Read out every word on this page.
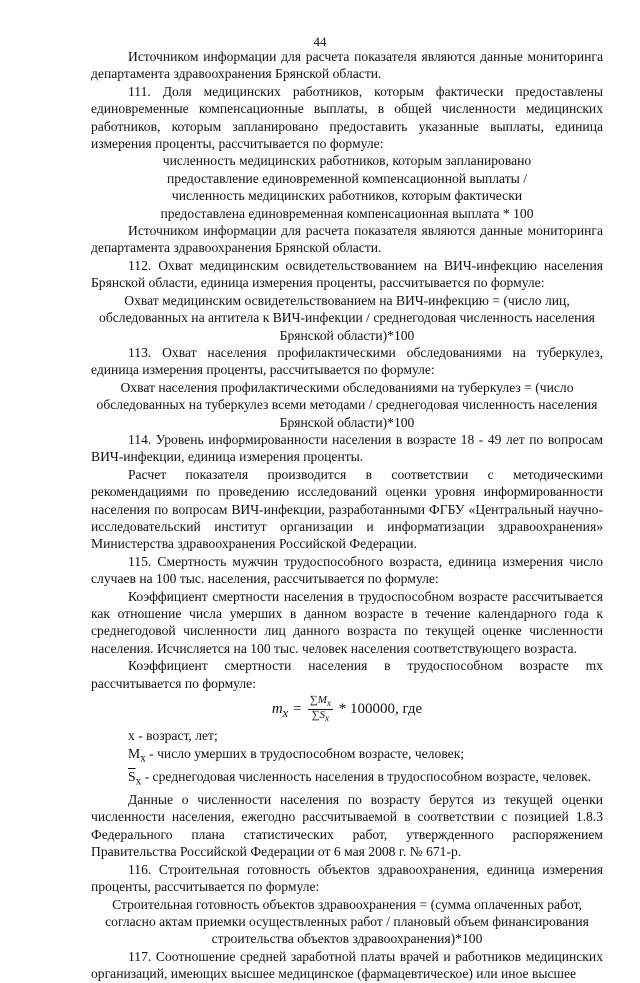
44

Источником информации для расчета показателя являются данные мониторинга департамента здравоохранения Брянской области.

111. Доля медицинских работников, которым фактически предоставлены единовременные компенсационные выплаты, в общей численности медицинских работников, которым запланировано предоставить указанные выплаты, единица измерения проценты, рассчитывается по формуле:

численность медицинских работников, которым запланировано

предоставление единовременной компенсационной выплаты /

численность медицинских работников, которым фактически

предоставлена единовременная компенсационная выплата * 100

Источником информации для расчета показателя являются данные мониторинга департамента здравоохранения Брянской области.

112. Охват медицинским освидетельствованием на ВИЧ-инфекцию населения Брянской области, единица измерения проценты, рассчитывается по формуле:

Охват медицинским освидетельствованием на ВИЧ-инфекцию = (число лиц,

обследованных на антитела к ВИЧ-инфекции / среднегодовая численность населения

Брянской области)*100

113. Охват населения профилактическими обследованиями на туберкулез, единица измерения проценты, рассчитывается по формуле:

Охват населения профилактическими обследованиями на туберкулез = (число

обследованных на туберкулез всеми методами / среднегодовая численность населения

Брянской области)*100

114. Уровень информированности населения в возрасте 18 - 49 лет по вопросам ВИЧ-инфекции, единица измерения проценты.

Расчет показателя производится в соответствии с методическими рекомендациями по проведению исследований оценки уровня информированности населения по вопросам ВИЧ-инфекции, разработанными ФГБУ «Центральный научно-исследовательский институт организации и информатизации здравоохранения» Министерства здравоохранения Российской Федерации.

115. Смертность мужчин трудоспособного возраста, единица измерения число случаев на 100 тыс. населения, рассчитывается по формуле:

Коэффициент смертности населения в трудоспособном возрасте рассчитывается как отношение числа умерших в данном возрасте в течение календарного года к среднегодовой численности лиц данного возраста по текущей оценке численности населения. Исчисляется на 100 тыс. человек населения соответствующего возраста.

Коэффициент смертности населения в трудоспособном возрасте mx рассчитывается по формуле:

$m_x = \frac{\sum M_x}{\sum S_x} * 100000$, где

x - возраст, лет;

$M_x$ - число умерших в трудоспособном возрасте, человек;

$\overline{S}_x$ - среднегодовая численность населения в трудоспособном возрасте, человек.

Данные о численности населения по возрасту берутся из текущей оценки численности населения, ежегодно рассчитываемой в соответствии с позицией 1.8.3 Федерального плана статистических работ, утвержденного распоряжением Правительства Российской Федерации от 6 мая 2008 г. № 671-р.

116. Строительная готовность объектов здравоохранения, единица измерения проценты, рассчитывается по формуле:

Строительная готовность объектов здравоохранения = (сумма оплаченных работ,

согласно актам приемки осуществленных работ / плановый объем финансирования

строительства объектов здравоохранения)*100

117. Соотношение средней заработной платы врачей и работников медицинских организаций, имеющих высшее медицинское (фармацевтическое) или иное высшее
